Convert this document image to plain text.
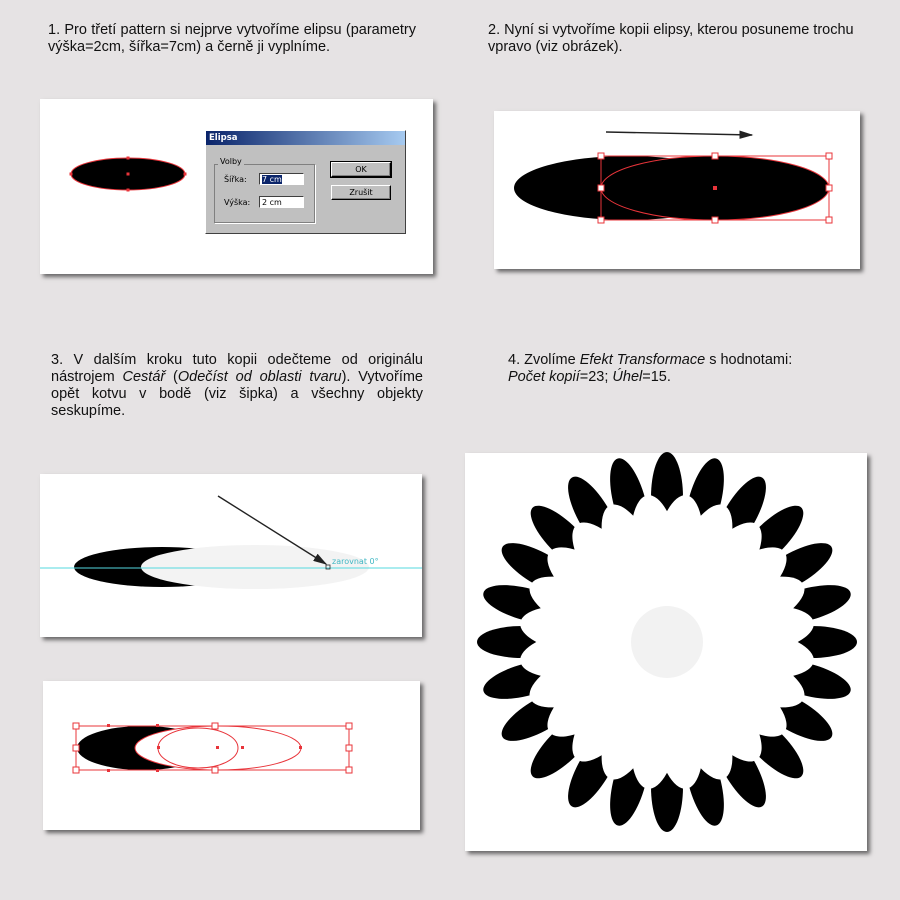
1. Pro třetí pattern si nejprve vytvoříme elipsu (parametry výška=2cm, šířka=7cm) a černě ji vyplníme.

2. Nyní si vytvoříme kopii elipsy, kterou posuneme trochu vpravo (viz obrázek).

3. V dalším kroku tuto kopii odečteme od originálu nástrojem Cestář (Odečíst od oblasti tvaru). Vytvoříme opět kotvu v bodě (viz šipka) a všechny objekty seskupíme.

4. Zvolíme Efekt Transformace s hodnotami:
Počet kopií=23; Úhel=15.

Elipsa
Volby
Šířka:	7 cm
Výška:	2 cm
OK
Zrušit
zarovnat 0°
